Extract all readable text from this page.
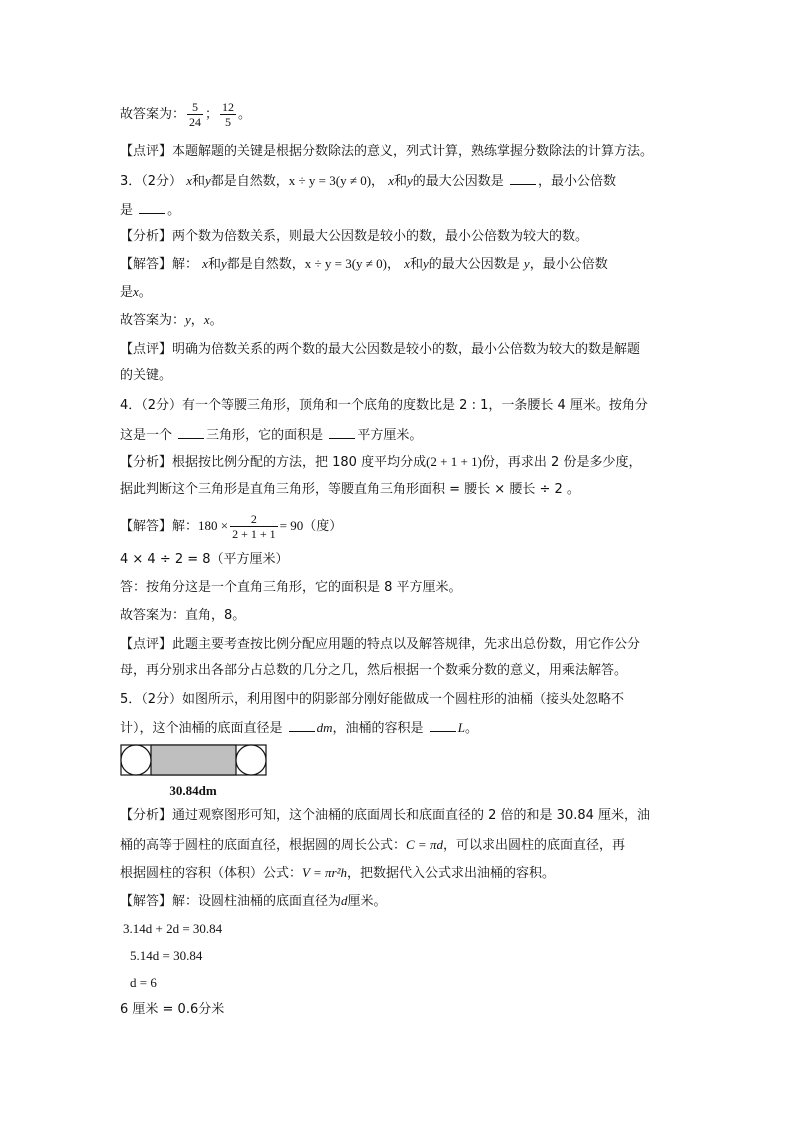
故答案为： $\frac{5}{24}$ ； $\frac{12}{5}$ 。
【点评】本题解题的关键是根据分数除法的意义，列式计算，熟练掌握分数除法的计算方法。
3．（2分） x和y都是自然数，x ÷ y = 3(y ≠ 0)， x和y的最大公因数是	，最小公倍数
是	。
【分析】两个数为倍数关系，则最大公因数是较小的数，最小公倍数为较大的数。
【解答】解： x和y都是自然数，x ÷ y = 3(y ≠ 0)， x和y的最大公因数是 y，最小公倍数
是x。
故答案为：y，x。
【点评】明确为倍数关系的两个数的最大公因数是较小的数，最小公倍数为较大的数是解题
的关键。
4．（2分）有一个等腰三角形，顶角和一个底角的度数比是 2 : 1，一条腰长 4 厘米。按角分
这是一个	三角形，它的面积是	平方厘米。
【分析】根据按比例分配的方法，把 180 度平均分成(2 + 1 + 1)份，再求出 2 份是多少度，
据此判断这个三角形是直角三角形，等腰直角三角形面积 = 腰长 × 腰长 ÷ 2 。
【解答】解：$180 \times \frac{2}{2 + 1 + 1} = 90$（度）
4 × 4 ÷ 2 = 8（平方厘米）
答：按角分这是一个直角三角形，它的面积是 8 平方厘米。
故答案为：直角，8。
【点评】此题主要考查按比例分配应用题的特点以及解答规律，先求出总份数，用它作公分
母，再分别求出各部分占总数的几分之几，然后根据一个数乘分数的意义，用乘法解答。
5．（2分）如图所示，利用图中的阴影部分刚好能做成一个圆柱形的油桶（接头处忽略不
计），这个油桶的底面直径是	dm，油桶的容积是	L。
30.84dm
【分析】通过观察图形可知，这个油桶的底面周长和底面直径的 2 倍的和是 30.84 厘米，油
桶的高等于圆柱的底面直径，根据圆的周长公式：C = πd，可以求出圆柱的底面直径，再
根据圆柱的容积（体积）公式：V = πr²h，把数据代入公式求出油桶的容积。
【解答】解：设圆柱油桶的底面直径为d厘米。
3.14d + 2d = 30.84
5.14d = 30.84
d = 6
6 厘米 = 0.6分米
